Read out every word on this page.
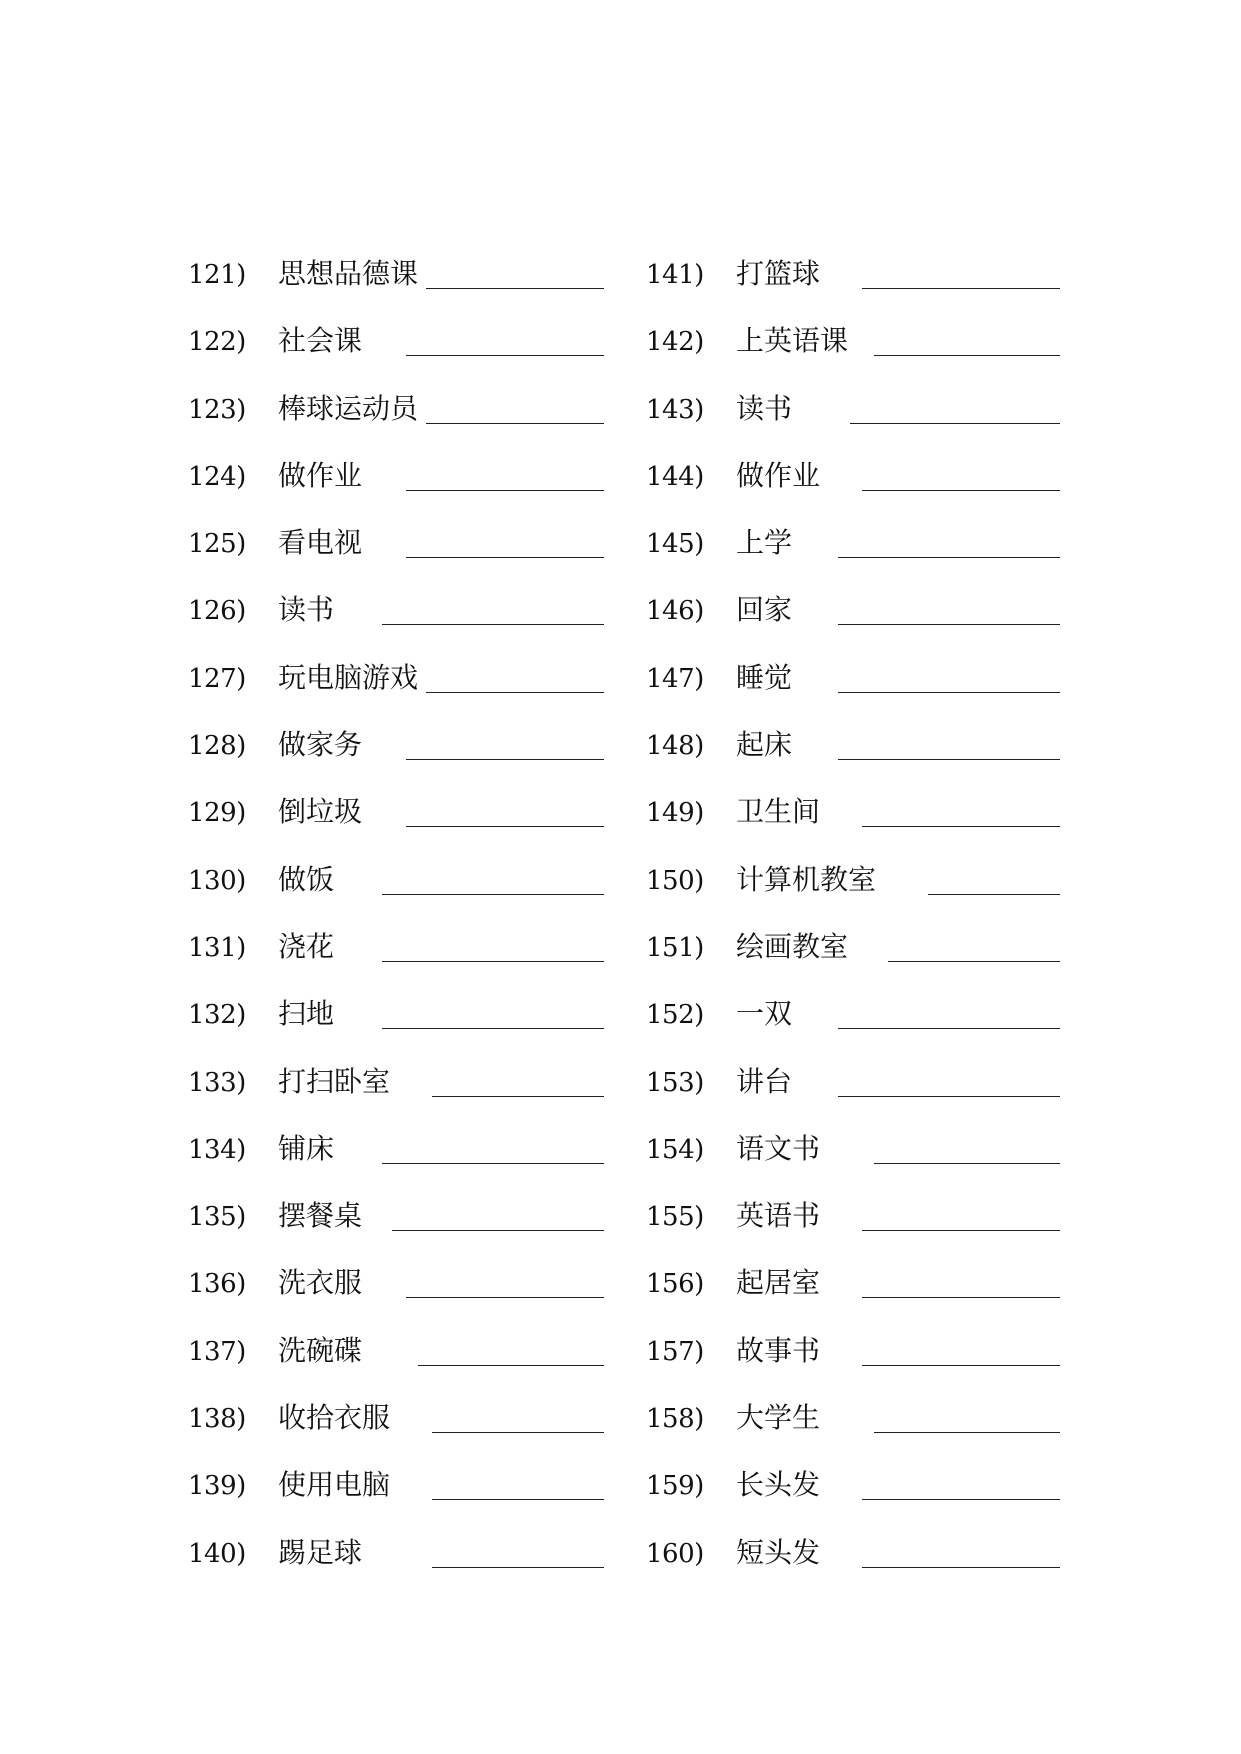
121) 思想品德课
122) 社会课
123) 棒球运动员
124) 做作业
125) 看电视
126) 读书
127) 玩电脑游戏
128) 做家务
129) 倒垃圾
130) 做饭
131) 浇花
132) 扫地
133) 打扫卧室
134) 铺床
135) 摆餐桌
136) 洗衣服
137) 洗碗碟
138) 收拾衣服
139) 使用电脑
140) 踢足球
141) 打篮球
142) 上英语课
143) 读书
144) 做作业
145) 上学
146) 回家
147) 睡觉
148) 起床
149) 卫生间
150) 计算机教室
151) 绘画教室
152) 一双
153) 讲台
154) 语文书
155) 英语书
156) 起居室
157) 故事书
158) 大学生
159) 长头发
160) 短头发
